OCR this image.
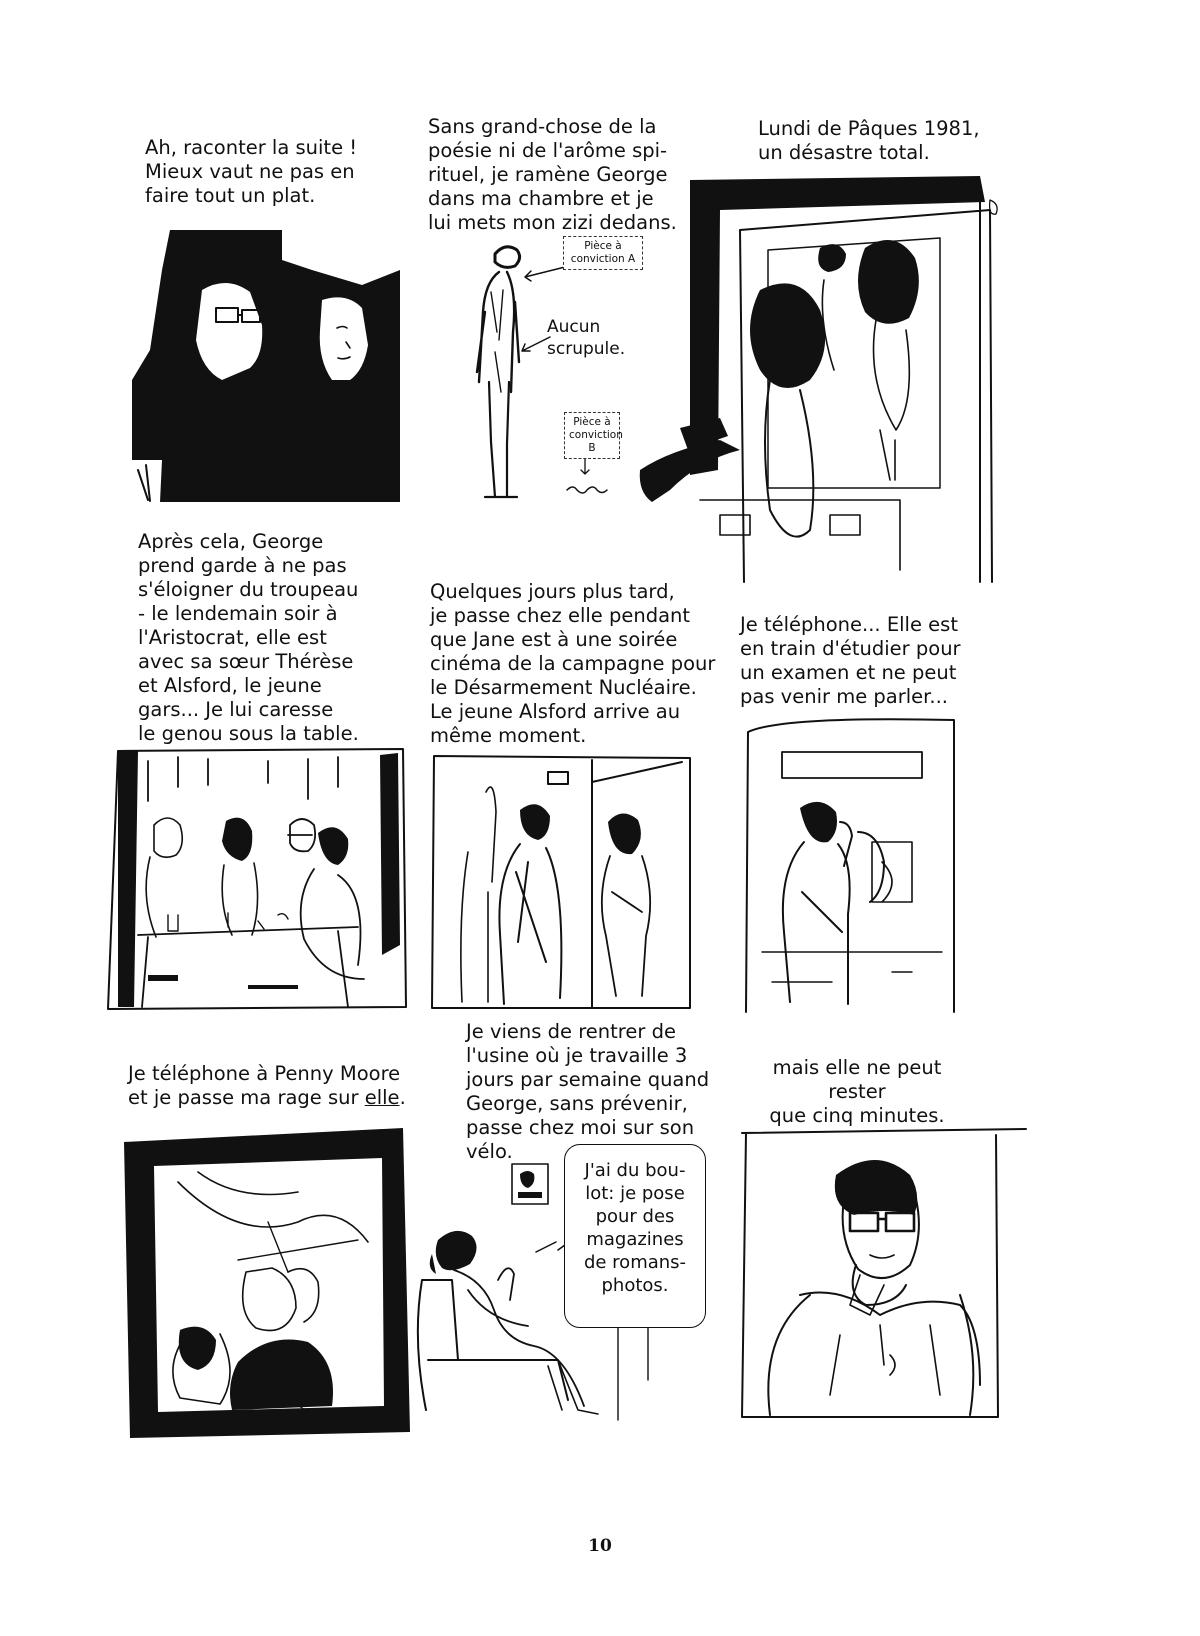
Ah, raconter la suite !
Mieux vaut ne pas en
faire tout un plat.

Sans grand-chose de la
poésie ni de l'arôme spi-
rituel, je ramène George
dans ma chambre et je
lui mets mon zizi dedans.

Lundi de Pâques 1981,
un désastre total.

Pièce à
conviction A
Aucun
scrupule.
Pièce à
conviction
B

Après cela, George
prend garde à ne pas
s'éloigner du troupeau
- le lendemain soir à
l'Aristocrat, elle est
avec sa sœur Thérèse
et Alsford, le jeune
gars... Je lui caresse
le genou sous la table.

Quelques jours plus tard,
je passe chez elle pendant
que Jane est à une soirée
cinéma de la campagne pour
le Désarmement Nucléaire.
Le jeune Alsford arrive au
même moment.

Je téléphone... Elle est
en train d'étudier pour
un examen et ne peut
pas venir me parler...

Je téléphone à Penny Moore
et je passe ma rage sur elle.

Je viens de rentrer de
l'usine où je travaille 3
jours par semaine quand
George, sans prévenir,
passe chez moi sur son
vélo.

mais elle ne peut rester
que cinq minutes.

J'ai du bou-
lot: je pose
pour des
magazines
de romans-
photos.
10
